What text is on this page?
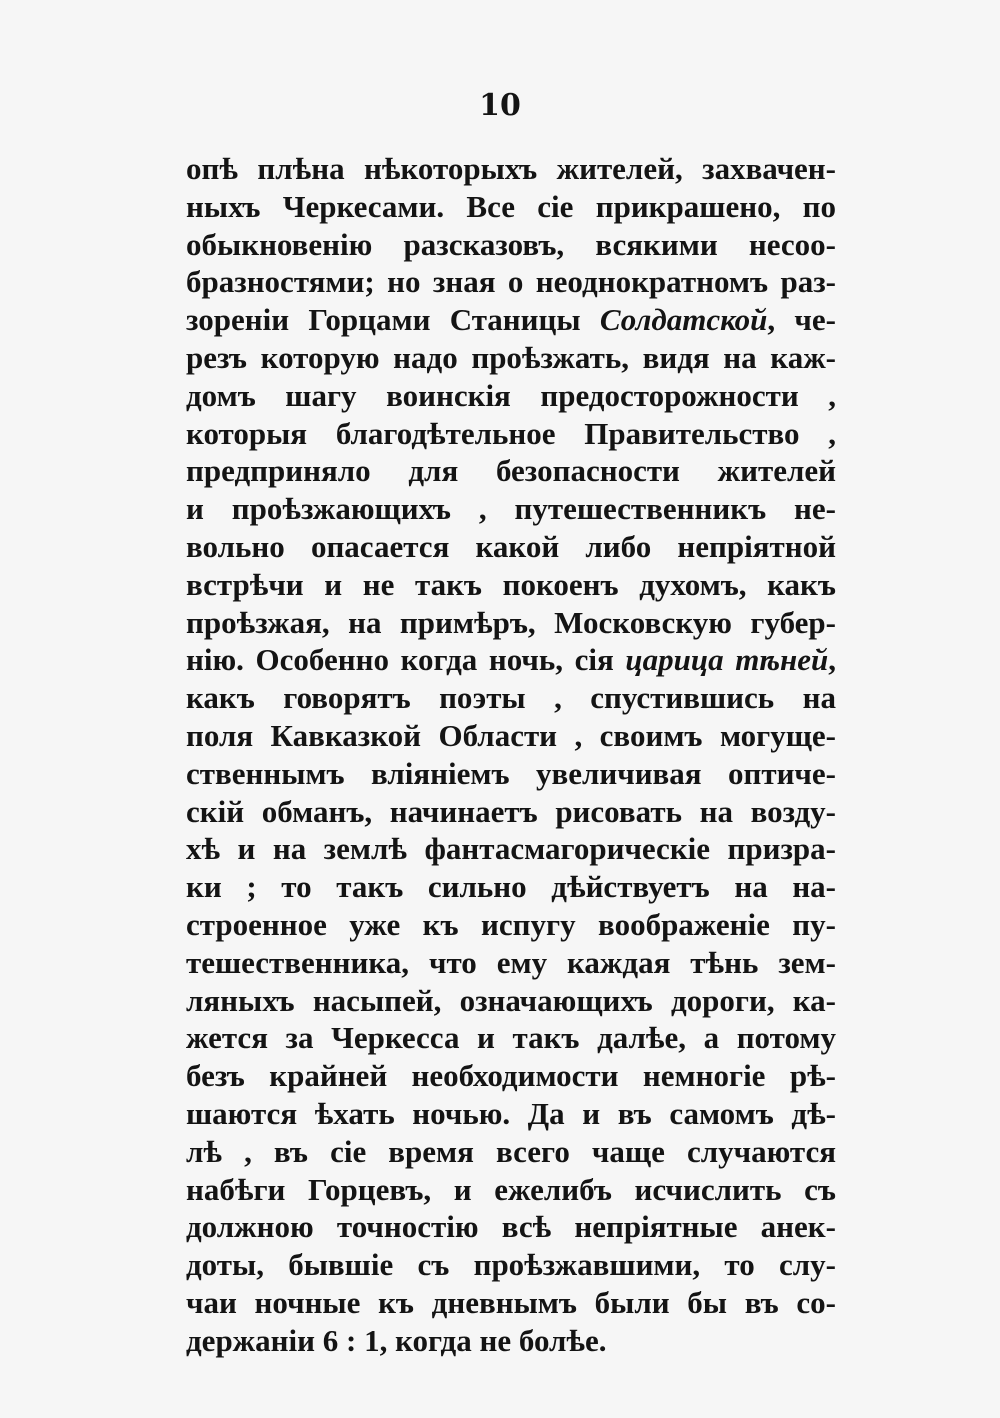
10
опѣ плѣна нѣкоторыхъ жителей, захвачен-
ныхъ Черкесами. Все сіе прикрашено, по
обыкновенію разсказовъ, всякими несоо-
бразностями; но зная о неоднократномъ раз-
зореніи Горцами Станицы Солдатской, че-
резъ которую надо проѣзжать, видя на каж-
домъ шагу воинскія предосторожности ,
которыя благодѣтельное Правительство ,
предприняло для безопасности жителей
и проѣзжающихъ , путешественникъ не-
вольно опасается какой либо непріятной
встрѣчи и не такъ покоенъ духомъ, какъ
проѣзжая, на примѣръ, Московскую губер-
нію. Особенно когда ночь, сія царица тѣней,
какъ говорятъ поэты , спустившись на
поля Кавказкой Области , своимъ могуще-
ственнымъ вліяніемъ увеличивая оптиче-
скій обманъ, начинаетъ рисовать на возду-
хѣ и на землѣ фантасмагорическіе призра-
ки ; то такъ сильно дѣйствуетъ на на-
строенное уже къ испугу воображеніе пу-
тешественника, что ему каждая тѣнь зем-
ляныхъ насыпей, означающихъ дороги, ка-
жется за Черкесса и такъ далѣе, а потому
безъ крайней необходимости немногіе рѣ-
шаются ѣхать ночью. Да и въ самомъ дѣ-
лѣ , въ сіе время всего чаще случаются
набѣги Горцевъ, и ежелибъ исчислить съ
должною точностію всѣ непріятные анек-
доты, бывшіе съ проѣзжавшими, то слу-
чаи ночные къ дневнымъ были бы въ со-
держаніи 6 : 1, когда не болѣе.
